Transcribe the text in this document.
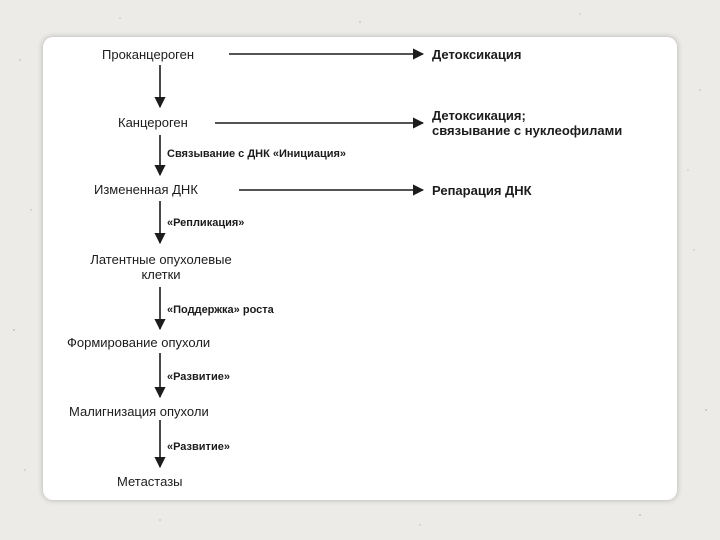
Проканцероген
Канцероген
Измененная ДНК
Латентные опухолевые
клетки
Формирование опухоли
Малигнизация опухоли
Метастазы
Детоксикация
Детоксикация;
связывание с нуклеофилами
Репарация ДНК
Связывание с ДНК «Инициация»
«Репликация»
«Поддержка» роста
«Развитие»
«Развитие»
